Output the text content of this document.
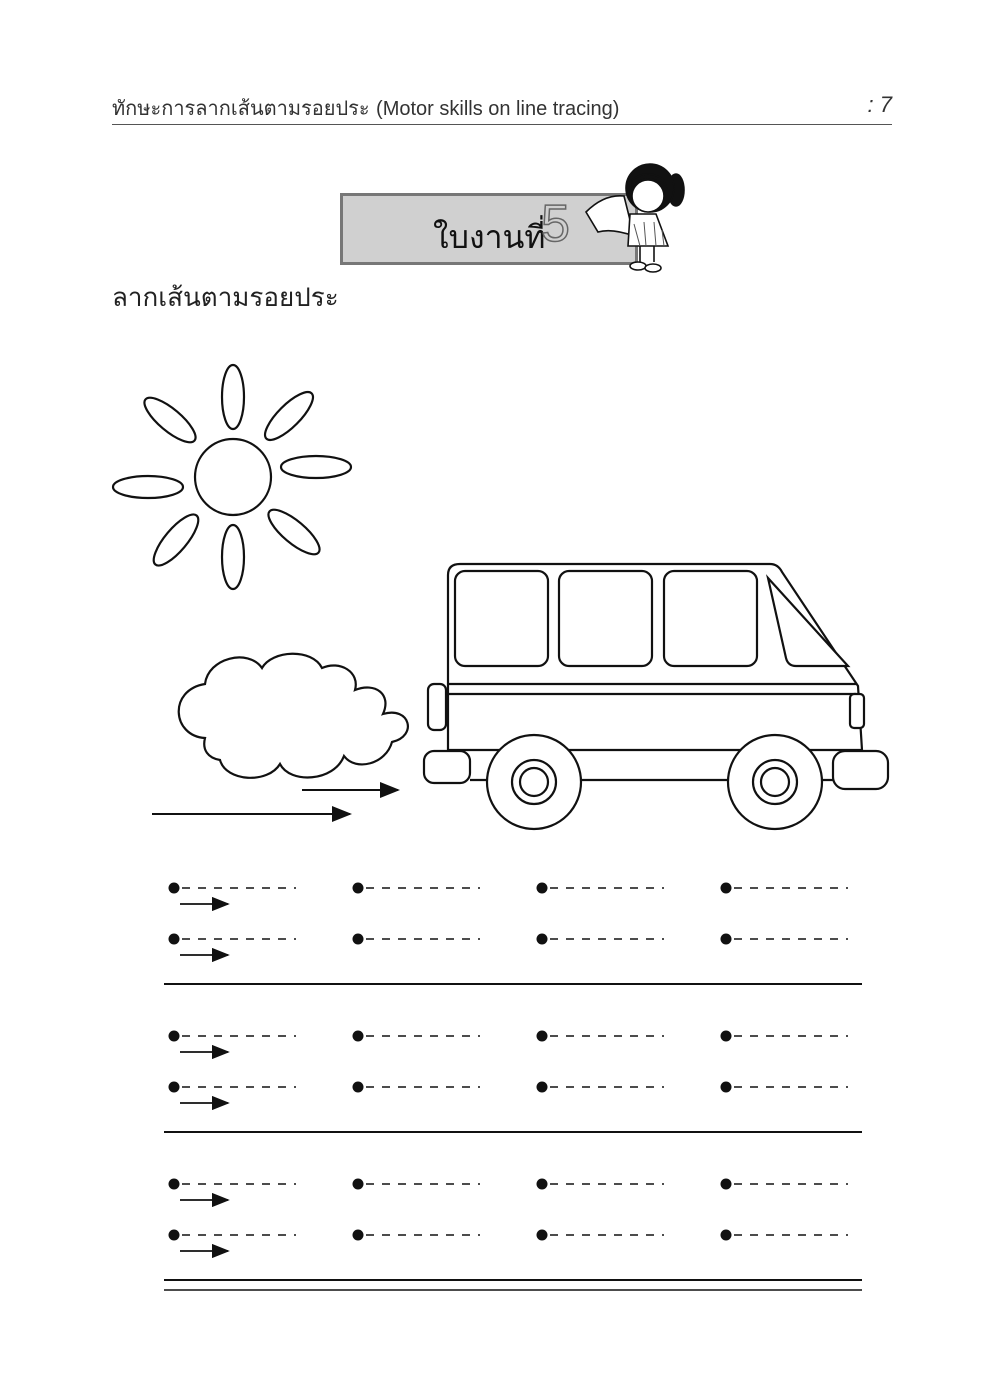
ทักษะการลากเส้นตามรอยประ (Motor skills on line tracing)	: 7
ใบงานที่
5
ลากเส้นตามรอยประ
